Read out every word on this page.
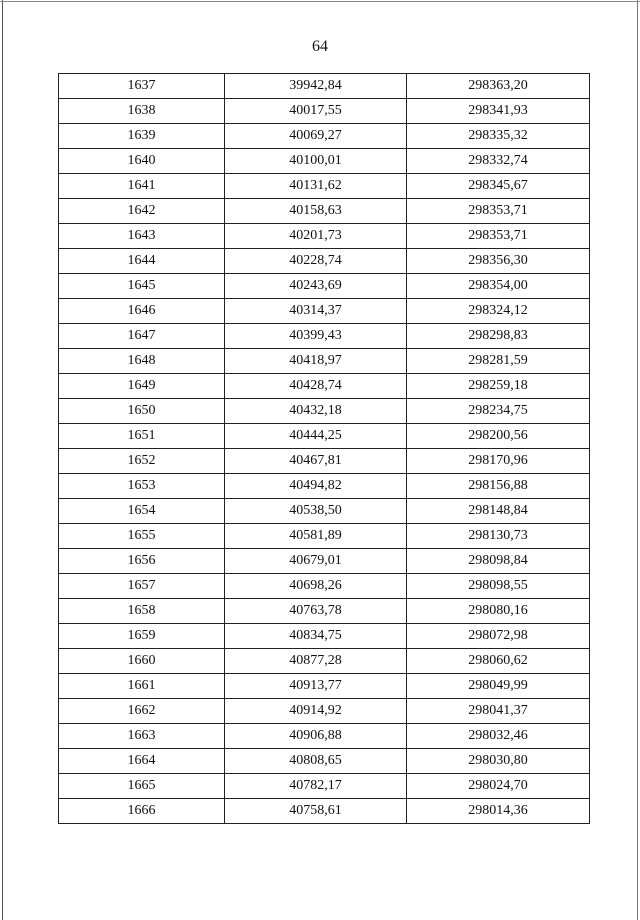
64
1637	39942,84	298363,20
1638	40017,55	298341,93
1639	40069,27	298335,32
1640	40100,01	298332,74
1641	40131,62	298345,67
1642	40158,63	298353,71
1643	40201,73	298353,71
1644	40228,74	298356,30
1645	40243,69	298354,00
1646	40314,37	298324,12
1647	40399,43	298298,83
1648	40418,97	298281,59
1649	40428,74	298259,18
1650	40432,18	298234,75
1651	40444,25	298200,56
1652	40467,81	298170,96
1653	40494,82	298156,88
1654	40538,50	298148,84
1655	40581,89	298130,73
1656	40679,01	298098,84
1657	40698,26	298098,55
1658	40763,78	298080,16
1659	40834,75	298072,98
1660	40877,28	298060,62
1661	40913,77	298049,99
1662	40914,92	298041,37
1663	40906,88	298032,46
1664	40808,65	298030,80
1665	40782,17	298024,70
1666	40758,61	298014,36
